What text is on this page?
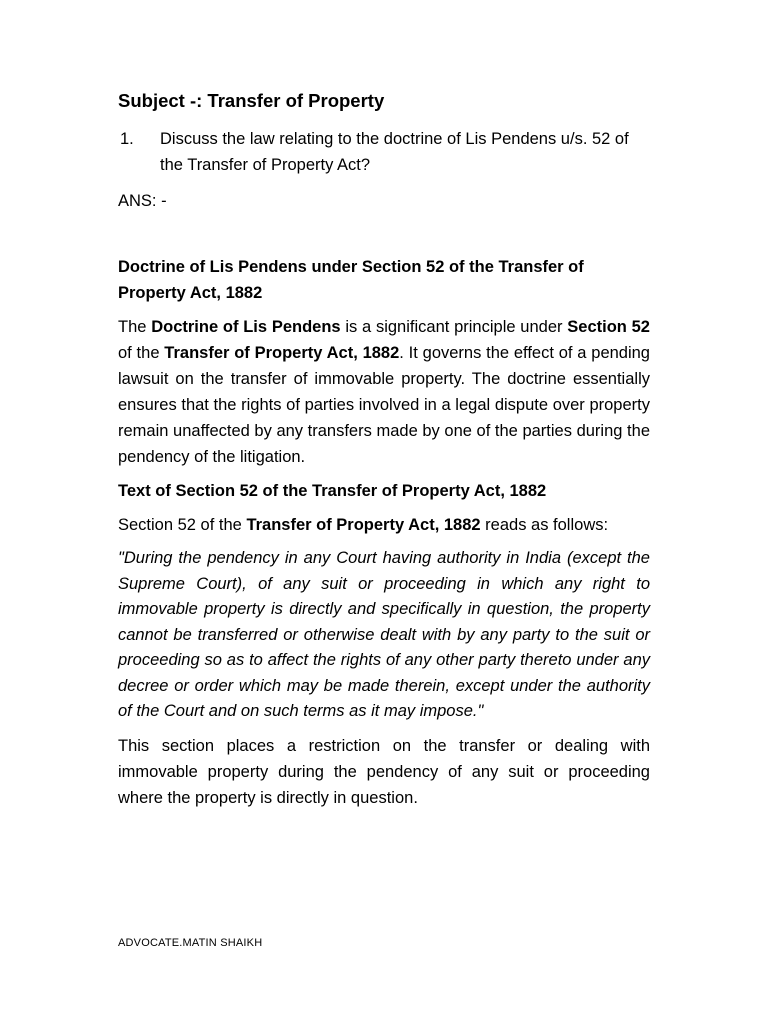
Subject -: Transfer of Property
1.	Discuss the law relating to the doctrine of Lis Pendens u/s. 52 of the Transfer of Property Act?
ANS: -
Doctrine of Lis Pendens under Section 52 of the Transfer of Property Act, 1882

The Doctrine of Lis Pendens is a significant principle under Section 52 of the Transfer of Property Act, 1882. It governs the effect of a pending lawsuit on the transfer of immovable property. The doctrine essentially ensures that the rights of parties involved in a legal dispute over property remain unaffected by any transfers made by one of the parties during the pendency of the litigation.

Text of Section 52 of the Transfer of Property Act, 1882

Section 52 of the Transfer of Property Act, 1882 reads as follows:

"During the pendency in any Court having authority in India (except the Supreme Court), of any suit or proceeding in which any right to immovable property is directly and specifically in question, the property cannot be transferred or otherwise dealt with by any party to the suit or proceeding so as to affect the rights of any other party thereto under any decree or order which may be made therein, except under the authority of the Court and on such terms as it may impose."

This section places a restriction on the transfer or dealing with immovable property during the pendency of any suit or proceeding where the property is directly in question.

ADVOCATE.MATIN SHAIKH
